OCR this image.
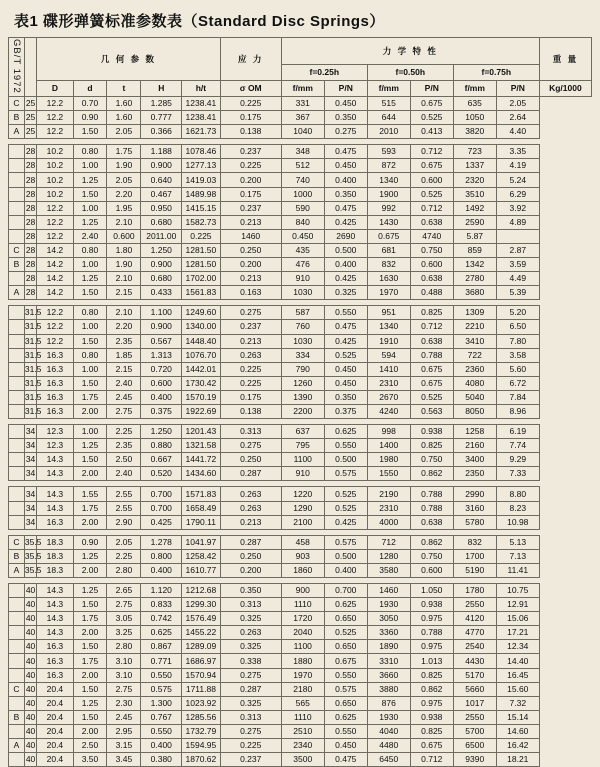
表1 碟形弹簧标准参数表（Standard Disc Springs）
GB/T 1972		几 何 参 数					应 力	力 学 特 性						重 量
								f=0.25h		f=0.50h		f=0.75h		
		D	d	t	H	h/t	σ OM	f/mm	P/N	f/mm	P/N	f/mm	P/N	Kg/1000
C	25	12.2	0.70	1.60	1.285	1238.41	0.225	331	0.450	515	0.675	635	2.05	
B	25	12.2	0.90	1.60	0.777	1238.41	0.175	367	0.350	644	0.525	1050	2.64	
A	25	12.2	1.50	2.05	0.366	1621.73	0.138	1040	0.275	2010	0.413	3820	4.40	

	28	10.2	0.80	1.75	1.188	1078.46	0.237	348	0.475	593	0.712	723	3.35	
	28	10.2	1.00	1.90	0.900	1277.13	0.225	512	0.450	872	0.675	1337	4.19	
	28	10.2	1.25	2.05	0.640	1419.03	0.200	740	0.400	1340	0.600	2320	5.24	
	28	10.2	1.50	2.20	0.467	1489.98	0.175	1000	0.350	1900	0.525	3510	6.29	
	28	12.2	1.00	1.95	0.950	1415.15	0.237	590	0.475	992	0.712	1492	3.92	
	28	12.2	1.25	2.10	0.680	1582.73	0.213	840	0.425	1430	0.638	2590	4.89	
	28	12.2	2.40	0.600	2011.00	0.225	1460	0.450	2690	0.675	4740	5.87		
C	28	14.2	0.80	1.80	1.250	1281.50	0.250	435	0.500	681	0.750	859	2.87	
B	28	14.2	1.00	1.90	0.900	1281.50	0.200	476	0.400	832	0.600	1342	3.59	
	28	14.2	1.25	2.10	0.680	1702.00	0.213	910	0.425	1630	0.638	2780	4.49	
A	28	14.2	1.50	2.15	0.433	1561.83	0.163	1030	0.325	1970	0.488	3680	5.39	

	31.5	12.2	0.80	2.10	1.100	1249.60	0.275	587	0.550	951	0.825	1309	5.20	
	31.5	12.2	1.00	2.20	0.900	1340.00	0.237	760	0.475	1340	0.712	2210	6.50	
	31.5	12.2	1.50	2.35	0.567	1448.40	0.213	1030	0.425	1910	0.638	3410	7.80	
	31.5	16.3	0.80	1.85	1.313	1076.70	0.263	334	0.525	594	0.788	722	3.58	
	31.5	16.3	1.00	2.15	0.720	1442.01	0.225	790	0.450	1410	0.675	2360	5.60	
	31.5	16.3	1.50	2.40	0.600	1730.42	0.225	1260	0.450	2310	0.675	4080	6.72	
	31.5	16.3	1.75	2.45	0.400	1570.19	0.175	1390	0.350	2670	0.525	5040	7.84	
	31.5	16.3	2.00	2.75	0.375	1922.69	0.138	2200	0.375	4240	0.563	8050	8.96	

	34	12.3	1.00	2.25	1.250	1201.43	0.313	637	0.625	998	0.938	1258	6.19	
	34	12.3	1.25	2.35	0.880	1321.58	0.275	795	0.550	1400	0.825	2160	7.74	
	34	14.3	1.50	2.50	0.667	1441.72	0.250	1100	0.500	1980	0.750	3400	9.29	
	34	14.3	2.00	2.40	0.520	1434.60	0.287	910	0.575	1550	0.862	2350	7.33	

	34	14.3	1.55	2.55	0.700	1571.83	0.263	1220	0.525	2190	0.788	2990	8.80	
	34	14.3	1.75	2.55	0.700	1658.49	0.263	1290	0.525	2310	0.788	3160	8.23	
	34	16.3	2.00	2.90	0.425	1790.11	0.213	2100	0.425	4000	0.638	5780	10.98	

C	35.5	18.3	0.90	2.05	1.278	1041.97	0.287	458	0.575	712	0.862	832	5.13	
B	35.5	18.3	1.25	2.25	0.800	1258.42	0.250	903	0.500	1280	0.750	1700	7.13	
A	35.5	18.3	2.00	2.80	0.400	1610.77	0.200	1860	0.400	3580	0.600	5190	11.41	

	40	14.3	1.25	2.65	1.120	1212.68	0.350	900	0.700	1460	1.050	1780	10.75	
	40	14.3	1.50	2.75	0.833	1299.30	0.313	1110	0.625	1930	0.938	2550	12.91	
	40	14.3	1.75	3.05	0.742	1576.49	0.325	1720	0.650	3050	0.975	4120	15.06	
	40	14.3	2.00	3.25	0.625	1455.22	0.263	2040	0.525	3360	0.788	4770	17.21	
	40	16.3	1.50	2.80	0.867	1289.09	0.325	1100	0.650	1890	0.975	2540	12.34	
	40	16.3	1.75	3.10	0.771	1686.97	0.338	1880	0.675	3310	1.013	4430	14.40	
	40	16.3	2.00	3.10	0.550	1570.94	0.275	1970	0.550	3660	0.825	5170	16.45	
C	40	20.4	1.50	2.75	0.575	1711.88	0.287	2180	0.575	3880	0.862	5660	15.60	
	40	20.4	1.25	2.30	1.300	1023.92	0.325	565	0.650	876	0.975	1017	7.32	
B	40	20.4	1.50	2.45	0.767	1285.56	0.313	1110	0.625	1930	0.938	2550	15.14	
	40	20.4	2.00	2.95	0.550	1732.79	0.275	2510	0.550	4040	0.825	5700	14.60	
A	40	20.4	2.50	3.15	0.400	1594.95	0.225	2340	0.450	4480	0.675	6500	16.42	
	40	20.4	3.50	3.45	0.380	1870.62	0.237	3500	0.475	6450	0.712	9390	18.21	
